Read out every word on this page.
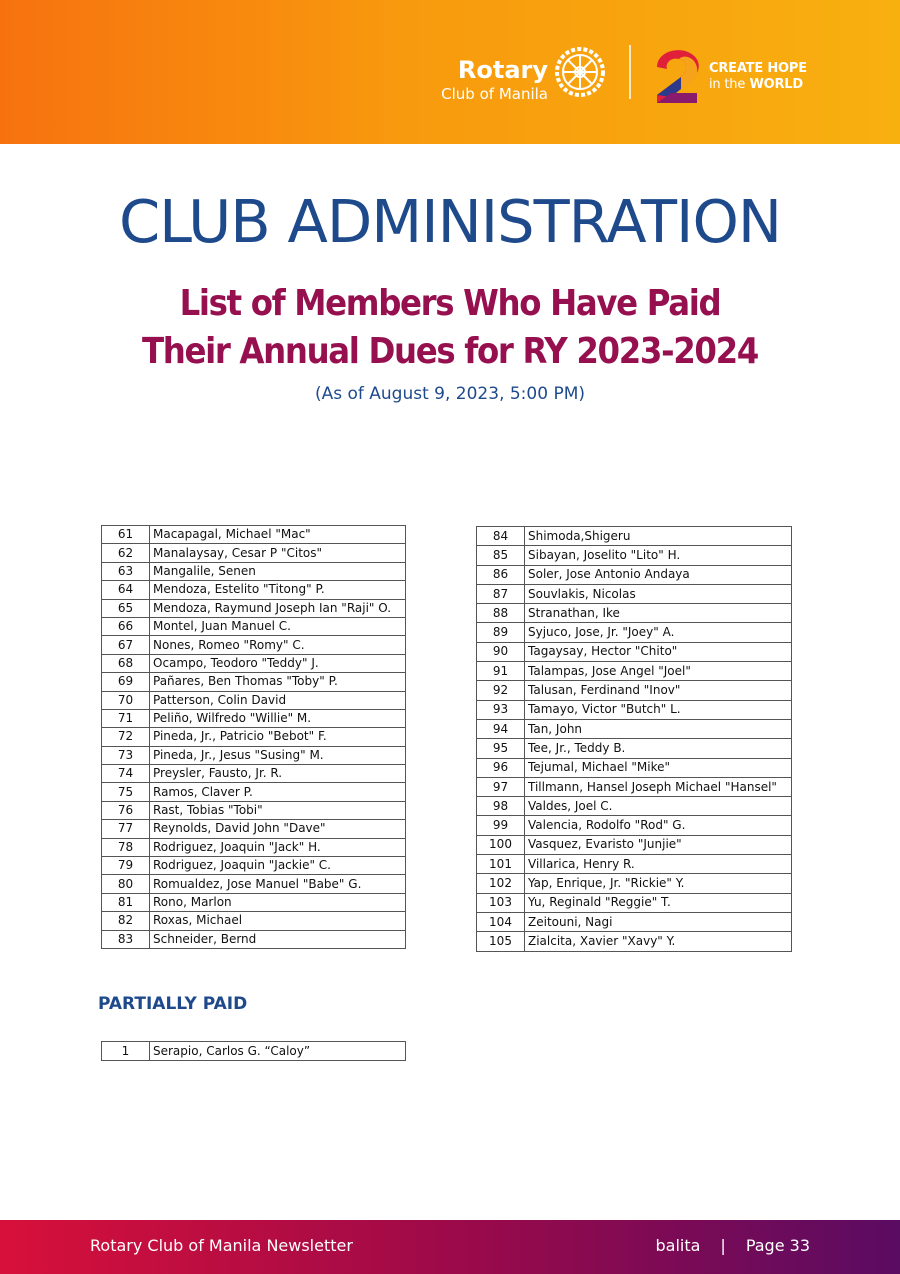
Rotary
Club of Manila
CREATE HOPE
in the WORLD
CLUB ADMINISTRATION
List of Members Who Have Paid
Their Annual Dues for RY 2023-2024
(As of August 9, 2023, 5:00 PM)
61	Macapagal, Michael "Mac"
62	Manalaysay, Cesar P "Citos"
63	Mangalile, Senen
64	Mendoza, Estelito "Titong" P.
65	Mendoza, Raymund Joseph Ian "Raji" O.
66	Montel, Juan Manuel C.
67	Nones, Romeo "Romy" C.
68	Ocampo, Teodoro "Teddy" J.
69	Pañares, Ben Thomas "Toby" P.
70	Patterson, Colin David
71	Peliño, Wilfredo "Willie" M.
72	Pineda, Jr., Patricio "Bebot" F.
73	Pineda, Jr., Jesus "Susing" M.
74	Preysler, Fausto, Jr. R.
75	Ramos, Claver P.
76	Rast, Tobias "Tobi"
77	Reynolds, David John "Dave"
78	Rodriguez, Joaquin "Jack" H.
79	Rodriguez, Joaquin "Jackie" C.
80	Romualdez, Jose Manuel "Babe" G.
81	Rono, Marlon
82	Roxas, Michael
83	Schneider, Bernd
84	Shimoda,Shigeru
85	Sibayan, Joselito "Lito" H.
86	Soler, Jose Antonio Andaya
87	Souvlakis, Nicolas
88	Stranathan, Ike
89	Syjuco, Jose, Jr. "Joey" A.
90	Tagaysay, Hector "Chito"
91	Talampas, Jose Angel "Joel"
92	Talusan, Ferdinand "Inov"
93	Tamayo, Victor "Butch" L.
94	Tan, John
95	Tee, Jr., Teddy B.
96	Tejumal, Michael "Mike"
97	Tillmann, Hansel Joseph Michael "Hansel"
98	Valdes, Joel C.
99	Valencia, Rodolfo "Rod" G.
100	Vasquez, Evaristo "Junjie"
101	Villarica, Henry R.
102	Yap, Enrique, Jr. "Rickie" Y.
103	Yu, Reginald "Reggie" T.
104	Zeitouni, Nagi
105	Zialcita, Xavier "Xavy" Y.
PARTIALLY PAID
1	Serapio, Carlos G. “Caloy”
Rotary Club of Manila Newsletter	balita | Page 33
